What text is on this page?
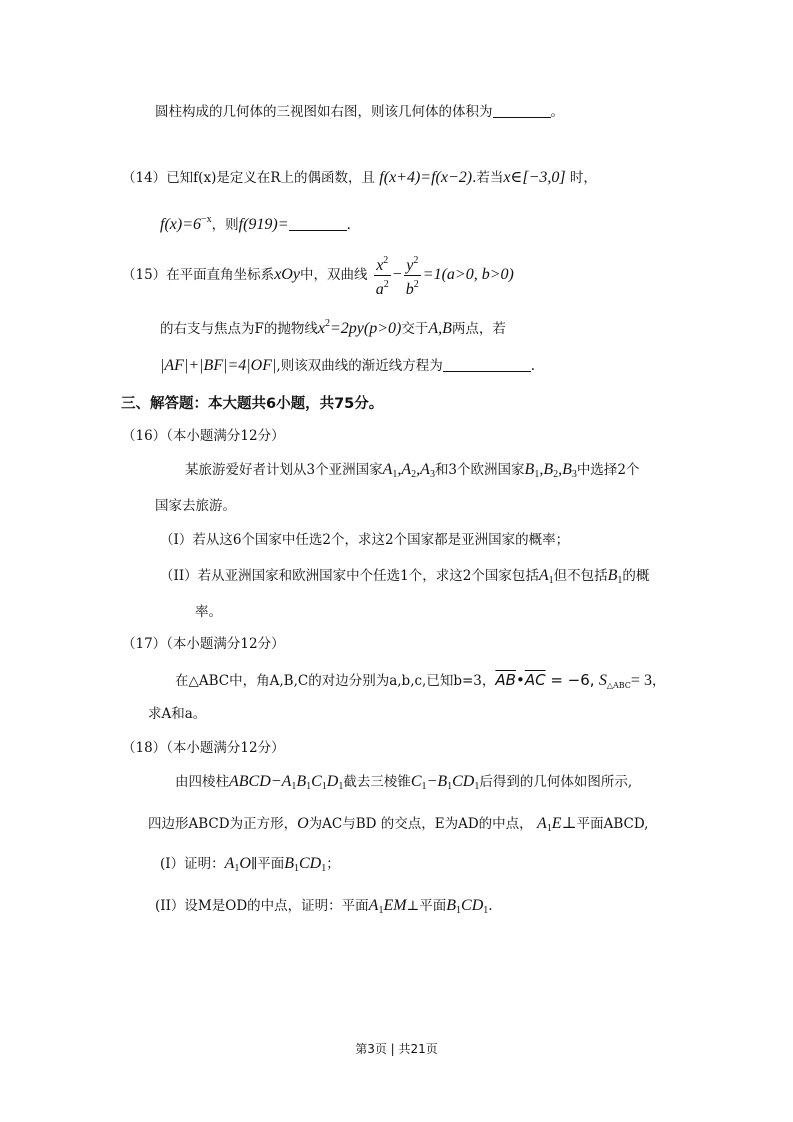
圆柱构成的几何体的三视图如右图，则该几何体的体积为	。
（14）已知f(x)是定义在R上的偶函数，且 f(x+4)=f(x−2).若当x∈[−3,0] 时，
$f(x)=6^{-x}$，则f(919)=	.
（15）在平面直角坐标系xOy中，双曲线 $\frac{x^2}{a^2} - \frac{y^2}{b^2} =1(a>0$, b>0)
的右支与焦点为F的抛物线$x^2=2py(p>0)$交于A,B两点，若
|AF|+|BF|=4|OF|,则该双曲线的渐近线方程为	.
三、解答题：本大题共6小题，共75分。
（16）（本小题满分12分）
某旅游爱好者计划从3个亚洲国家$A_1,A_2,A_3$和3个欧洲国家$B_1,B_2,B_3$中选择2个
国家去旅游。
（I）若从这6个国家中任选2个，求这2个国家都是亚洲国家的概率；
（II）若从亚洲国家和欧洲国家中个任选1个，求这2个国家包括$A_1$但不包括$B_1$的概
率。
（17）（本小题满分12分）
在△ABC中，角A,B,C的对边分别为a,b,c,已知b=3，$\overline{AB}•\overline{AC} = -6$, $S_{\triangle ABC}= 3$，
求A和a。
（18）（本小题满分12分）
由四棱柱$ABCD-A_1B_1C_1D_1$截去三棱锥$C_1-B_1CD_1$后得到的几何体如图所示,
四边形ABCD为正方形，O为AC与BD 的交点，E为AD的中点， $A_1E\perp$平面ABCD,
(I）证明：$A_1O\parallel$平面$B_1CD_1$；
(II）设M是OD的中点，证明：平面$A_1EM\perp$平面$B_1CD_1$.
第3页 | 共21页
